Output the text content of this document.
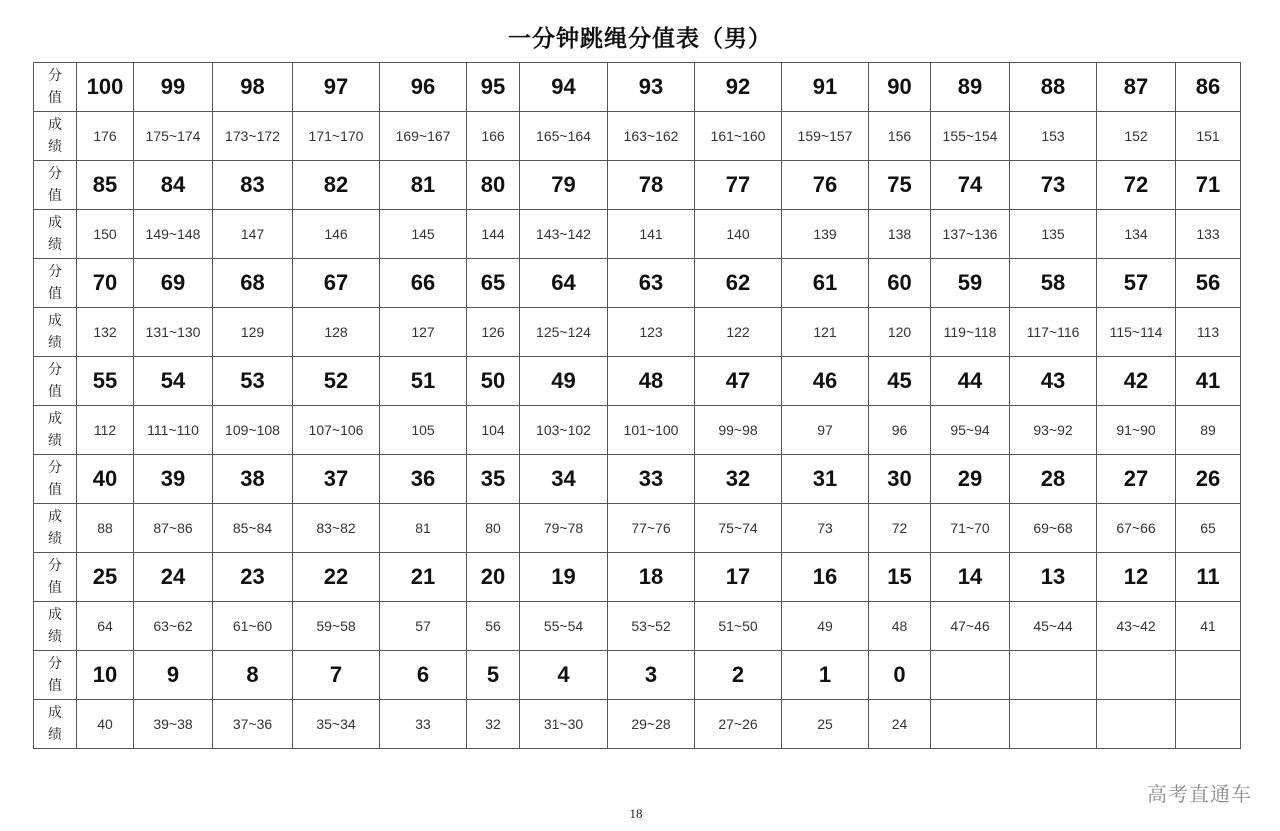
一分钟跳绳分值表（男）
分值	100	99	98	97	96	95	94	93	92	91	90	89	88	87	86
成绩	176	175~174	173~172	171~170	169~167	166	165~164	163~162	161~160	159~157	156	155~154	153	152	151
分值	85	84	83	82	81	80	79	78	77	76	75	74	73	72	71
成绩	150	149~148	147	146	145	144	143~142	141	140	139	138	137~136	135	134	133
分值	70	69	68	67	66	65	64	63	62	61	60	59	58	57	56
成绩	132	131~130	129	128	127	126	125~124	123	122	121	120	119~118	117~116	115~114	113
分值	55	54	53	52	51	50	49	48	47	46	45	44	43	42	41
成绩	112	111~110	109~108	107~106	105	104	103~102	101~100	99~98	97	96	95~94	93~92	91~90	89
分值	40	39	38	37	36	35	34	33	32	31	30	29	28	27	26
成绩	88	87~86	85~84	83~82	81	80	79~78	77~76	75~74	73	72	71~70	69~68	67~66	65
分值	25	24	23	22	21	20	19	18	17	16	15	14	13	12	11
成绩	64	63~62	61~60	59~58	57	56	55~54	53~52	51~50	49	48	47~46	45~44	43~42	41
分值	10	9	8	7	6	5	4	3	2	1	0				
成绩	40	39~38	37~36	35~34	33	32	31~30	29~28	27~26	25	24				
18
高考直通车
